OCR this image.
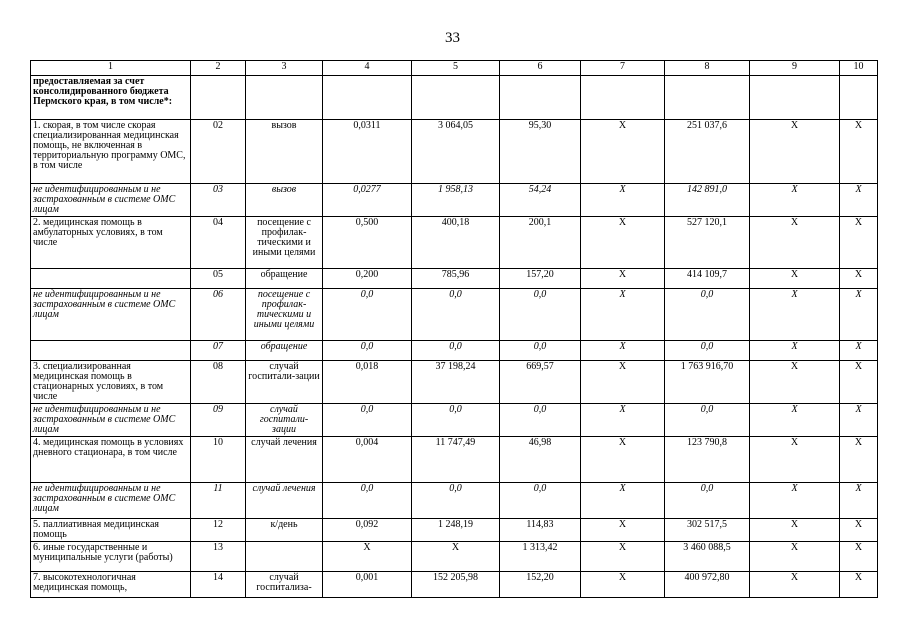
33
1	2	3	4	5	6	7	8	9	10
предоставляемая за счет консолидированного бюджета Пермского края, в том числе*:									
1. скорая, в том числе скорая специализированная медицинская помощь, не включенная в территориальную программу ОМС, в том числе	02	вызов	0,0311	3 064,05	95,30	X	251 037,6	X	X
не идентифицированным и не застрахованным в системе ОМС лицам	03	вызов	0,0277	1 958,13	54,24	X	142 891,0	X	X
2. медицинская помощь в амбулаторных условиях, в том числе	04	посещение с профилак-тическими и иными целями	0,500	400,18	200,1	X	527 120,1	X	X
	05	обращение	0,200	785,96	157,20	X	414 109,7	X	X
не идентифицированным и не застрахованным в системе ОМС лицам	06	посещение с профилак-тическими и иными целями	0,0	0,0	0,0	X	0,0	X	X
	07	обращение	0,0	0,0	0,0	X	0,0	X	X
3. специализированная медицинская помощь в стационарных условиях, в том числе	08	случай госпитали-зации	0,018	37 198,24	669,57	X	1 763 916,70	X	X
не идентифицированным и не застрахованным в системе ОМС лицам	09	случай госпитали-зации	0,0	0,0	0,0	X	0,0	X	X
4. медицинская помощь в условиях дневного стационара, в том числе	10	случай лечения	0,004	11 747,49	46,98	X	123 790,8	X	X
не идентифицированным и не застрахованным в системе ОМС лицам	11	случай лечения	0,0	0,0	0,0	X	0,0	X	X
5. паллиативная медицинская помощь	12	к/день	0,092	1 248,19	114,83	X	302 517,5	X	X
6. иные государственные и муниципальные услуги (работы)	13		X	X	1 313,42	X	3 460 088,5	X	X
7. высокотехнологичная медицинская помощь,	14	случай госпитализа-	0,001	152 205,98	152,20	X	400 972,80	X	X
